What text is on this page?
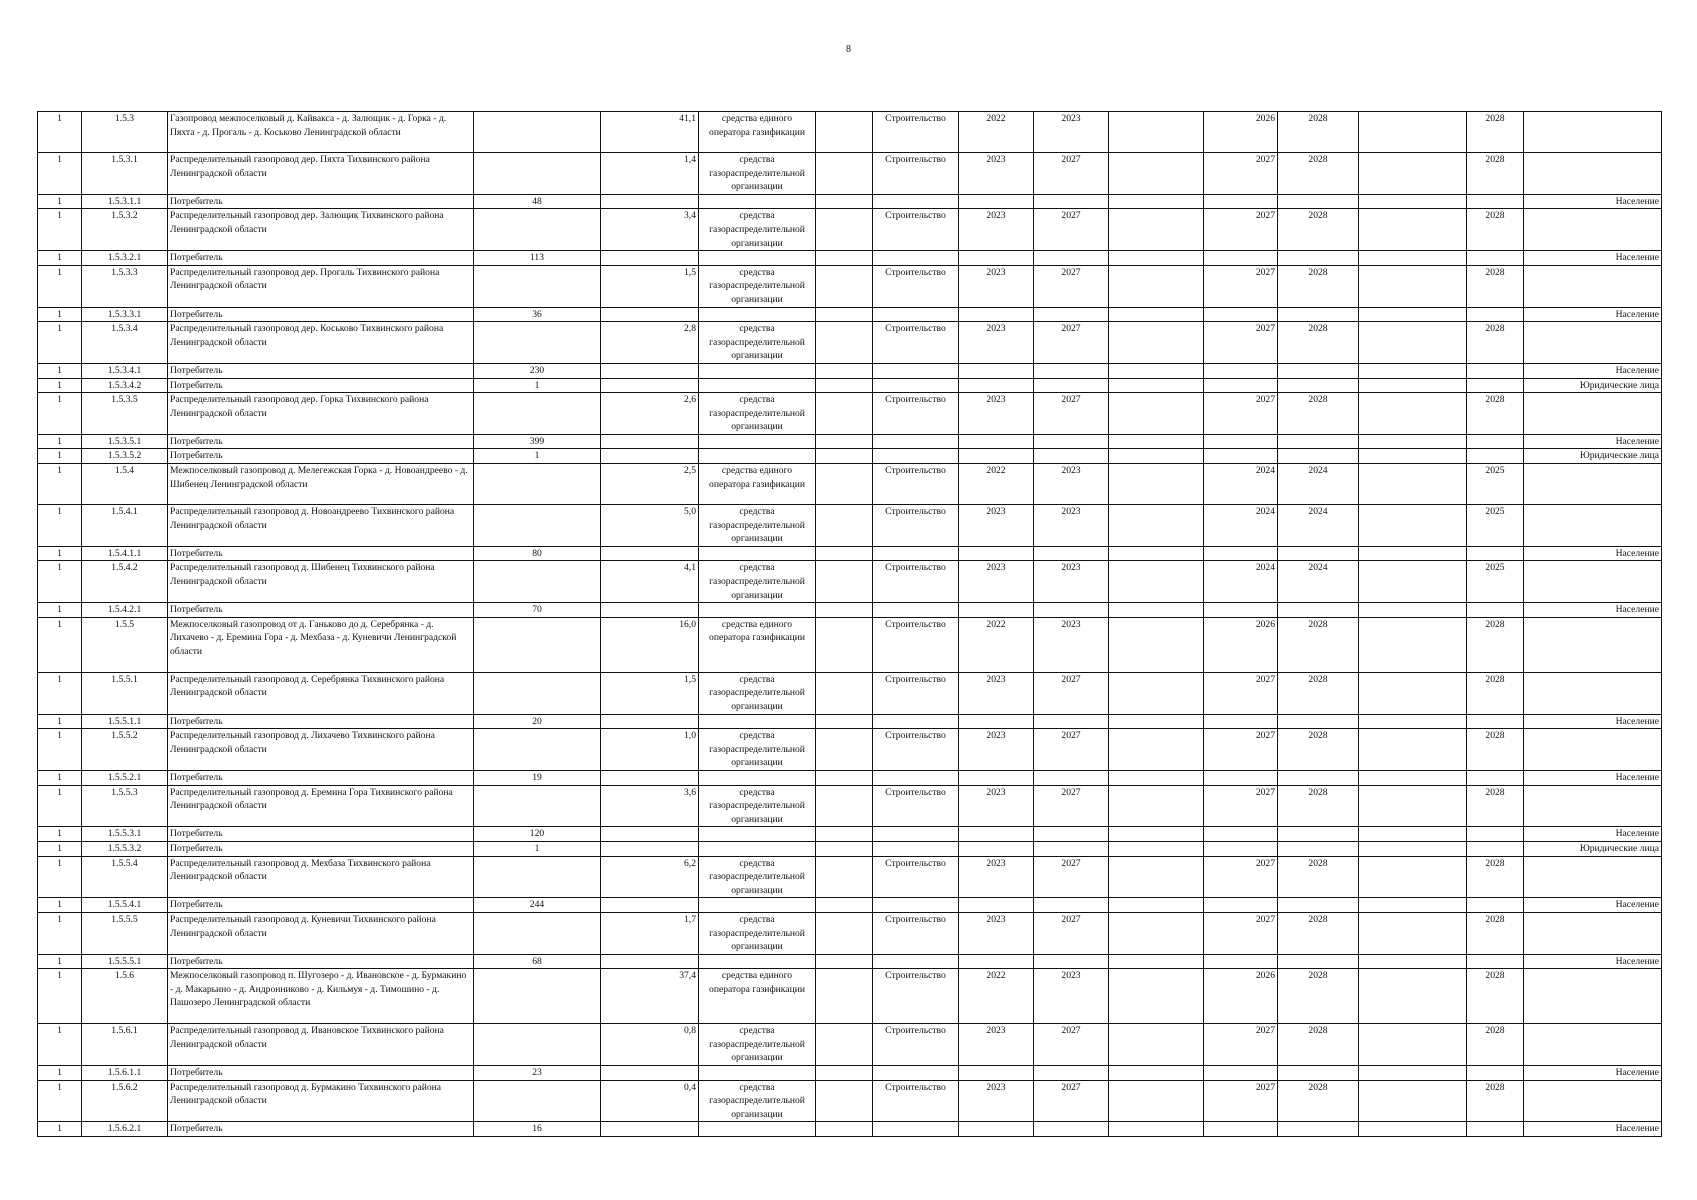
8
1	1.5.3	Газопровод межпоселковый д. Кайвакса - д. Залющик - д. Горка - д. Пяхта - д. Прогаль - д. Коськово Ленинградской области		41,1	средства единого оператора газификации		Строительство	2022	2023		2026	2028		2028	
1	1.5.3.1	Распределительный газопровод дер. Пяхта Тихвинского района Ленинградской области		1,4	средства газораспределительной организации		Строительство	2023	2027		2027	2028		2028	
1	1.5.3.1.1	Потребитель	48												Население
1	1.5.3.2	Распределительный газопровод дер. Залющик Тихвинского района Ленинградской области		3,4	средства газораспределительной организации		Строительство	2023	2027		2027	2028		2028	
1	1.5.3.2.1	Потребитель	113												Население
1	1.5.3.3	Распределительный газопровод дер. Прогаль Тихвинского района Ленинградской области		1,5	средства газораспределительной организации		Строительство	2023	2027		2027	2028		2028	
1	1.5.3.3.1	Потребитель	36												Население
1	1.5.3.4	Распределительный газопровод дер. Коськово Тихвинского района Ленинградской области		2,8	средства газораспределительной организации		Строительство	2023	2027		2027	2028		2028	
1	1.5.3.4.1	Потребитель	230												Население
1	1.5.3.4.2	Потребитель	1												Юридические лица
1	1.5.3.5	Распределительный газопровод дер. Горка Тихвинского района Ленинградской области		2,6	средства газораспределительной организации		Строительство	2023	2027		2027	2028		2028	
1	1.5.3.5.1	Потребитель	399												Население
1	1.5.3.5.2	Потребитель	1												Юридические лица
1	1.5.4	Межпоселковый газопровод д. Мелегежская Горка - д. Новоандреево - д. Шибенец Ленинградской области		2,5	средства единого оператора газификации		Строительство	2022	2023		2024	2024		2025	
1	1.5.4.1	Распределительный газопровод д. Новоандреево Тихвинского района Ленинградской области		5,0	средства газораспределительной организации		Строительство	2023	2023		2024	2024		2025	
1	1.5.4.1.1	Потребитель	80												Население
1	1.5.4.2	Распределительный газопровод д. Шибенец Тихвинского района Ленинградской области		4,1	средства газораспределительной организации		Строительство	2023	2023		2024	2024		2025	
1	1.5.4.2.1	Потребитель	70												Население
1	1.5.5	Межпоселковый газопровод от д. Ганьково до д. Серебрянка - д. Лихачево - д. Еремина Гора - д. Мехбаза - д. Куневичи Ленинградской области		16,0	средства единого оператора газификации		Строительство	2022	2023		2026	2028		2028	
1	1.5.5.1	Распределительный газопровод д. Серебрянка Тихвинского района Ленинградской области		1,5	средства газораспределительной организации		Строительство	2023	2027		2027	2028		2028	
1	1.5.5.1.1	Потребитель	20												Население
1	1.5.5.2	Распределительный газопровод д. Лихачево Тихвинского района Ленинградской области		1,0	средства газораспределительной организации		Строительство	2023	2027		2027	2028		2028	
1	1.5.5.2.1	Потребитель	19												Население
1	1.5.5.3	Распределительный газопровод д. Еремина Гора Тихвинского района Ленинградской области		3,6	средства газораспределительной организации		Строительство	2023	2027		2027	2028		2028	
1	1.5.5.3.1	Потребитель	120												Население
1	1.5.5.3.2	Потребитель	1												Юридические лица
1	1.5.5.4	Распределительный газопровод д. Мехбаза Тихвинского района Ленинградской области		6,2	средства газораспределительной организации		Строительство	2023	2027		2027	2028		2028	
1	1.5.5.4.1	Потребитель	244												Население
1	1.5.5.5	Распределительный газопровод д. Куневичи Тихвинского района Ленинградской области		1,7	средства газораспределительной организации		Строительство	2023	2027		2027	2028		2028	
1	1.5.5.5.1	Потребитель	68												Население
1	1.5.6	Межпоселковый газопровод п. Шугозеро - д. Ивановское - д. Бурмакино - д. Макарьино - д. Андронниково - д. Кильмуя - д. Тимошино - д. Пашозеро Ленинградской области		37,4	средства единого оператора газификации		Строительство	2022	2023		2026	2028		2028	
1	1.5.6.1	Распределительный газопровод д. Ивановское Тихвинского района Ленинградской области		0,8	средства газораспределительной организации		Строительство	2023	2027		2027	2028		2028	
1	1.5.6.1.1	Потребитель	23												Население
1	1.5.6.2	Распределительный газопровод д. Бурмакино Тихвинского района Ленинградской области		0,4	средства газораспределительной организации		Строительство	2023	2027		2027	2028		2028	
1	1.5.6.2.1	Потребитель	16												Население
